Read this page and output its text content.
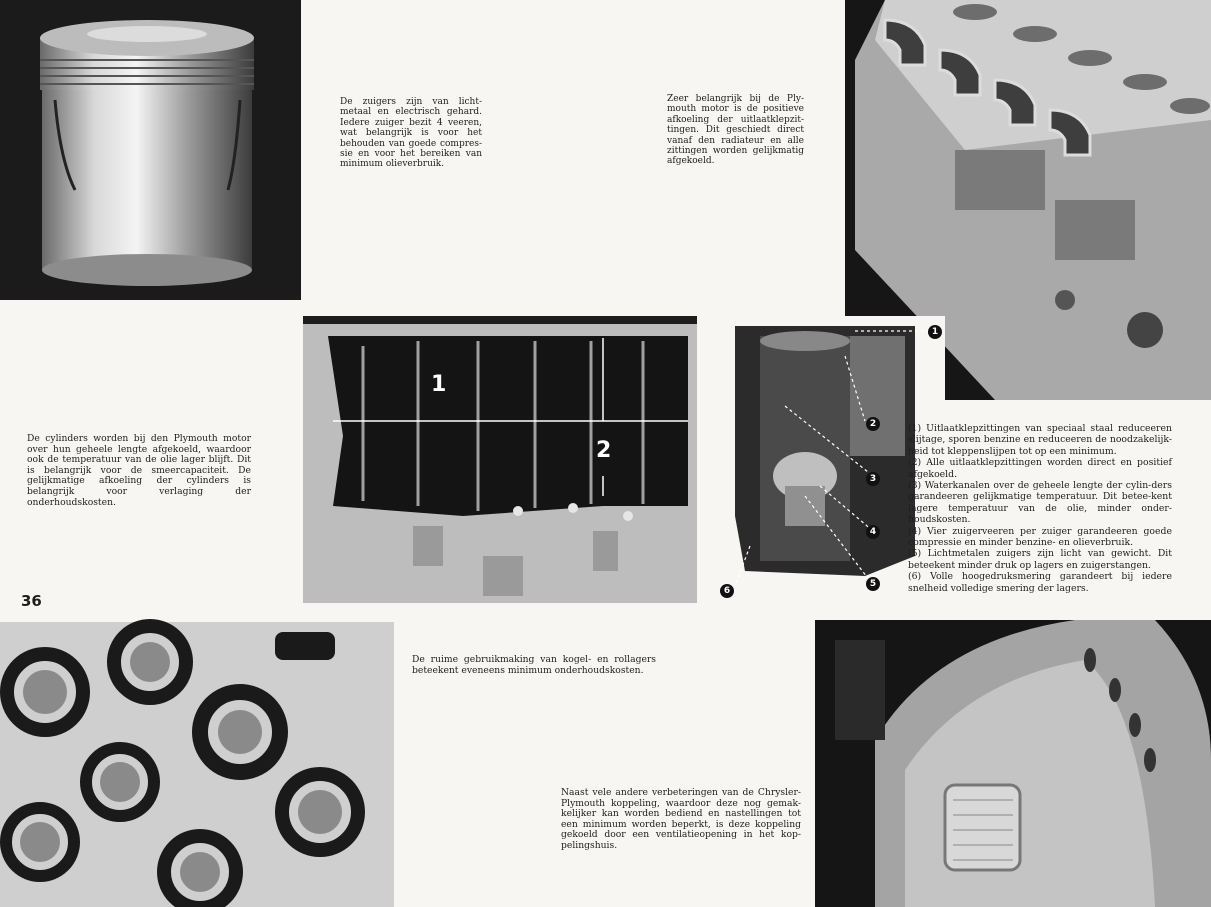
1
2
1
2
3
4
5
6

De zuigers zijn van licht-metaal en electrisch gehard. Iedere zuiger bezit 4 veeren, wat belangrijk is voor het behouden van goede compres-sie en voor het bereiken van minimum olieverbruik.

Zeer belangrijk bij de Ply-mouth motor is de positieve afkoeling der uitlaatklepzit-tingen. Dit geschiedt direct vanaf den radiateur en alle zittingen worden gelijkmatig afgekoeld.

De cylinders worden bij den Plymouth motor over hun geheele lengte afgekoeld, waardoor ook de temperatuur van de olie lager blijft. Dit is belangrijk voor de smeercapaciteit. De gelijkmatige afkoeling der cylinders is belangrijk voor verlaging der onderhoudskosten.

De ruime gebruikmaking van kogel- en rollagers beteekent eveneens minimum onderhoudskosten.

Naast vele andere verbeteringen van de Chrysler-Plymouth koppeling, waardoor deze nog gemak-kelijker kan worden bediend en nastellingen tot een minimum worden beperkt, is deze koppeling gekoeld door een ventilatieopening in het kop-pelingshuis.

36

(1) Uitlaatklepzittingen van speciaal staal reduceeren slijtage, sporen benzine en reduceeren de noodzakelijk-heid tot kleppenslijpen tot op een minimum.

(2) Alle uitlaatklepzittingen worden direct en positief afgekoeld.

(3) Waterkanalen over de geheele lengte der cylin-ders garandeeren gelijkmatige temperatuur. Dit betee-kent lagere temperatuur van de olie, minder onder-houdskosten.

(4) Vier zuigerveeren per zuiger garandeeren goede compressie en minder benzine- en olieverbruik.

(5) Lichtmetalen zuigers zijn licht van gewicht. Dit beteekent minder druk op lagers en zuigerstangen.

(6) Volle hoogedruksmering garandeert bij iedere snelheid volledige smering der lagers.
